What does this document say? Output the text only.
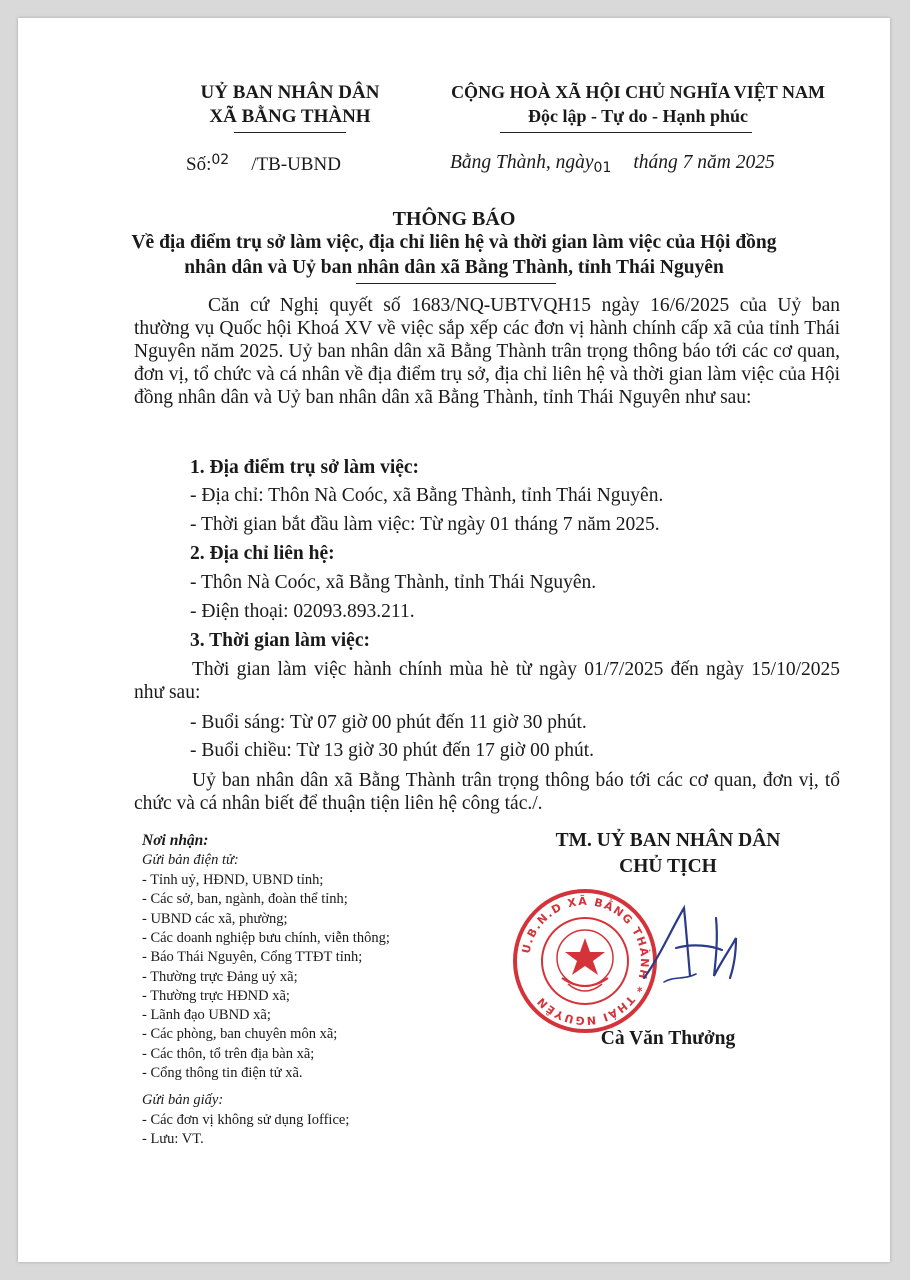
UỶ BAN NHÂN DÂN
XÃ BẰNG THÀNH
CỘNG HOÀ XÃ HỘI CHỦ NGHĨA VIỆT NAM
Độc lập - Tự do - Hạnh phúc
Số:$^{02}$ /TB-UBND	Bằng Thành, ngày$_{01}$ tháng 7 năm 2025
THÔNG BÁO
Về địa điểm trụ sở làm việc, địa chỉ liên hệ và thời gian làm việc của Hội đồng
nhân dân và Uỷ ban nhân dân xã Bằng Thành, tỉnh Thái Nguyên
Căn cứ Nghị quyết số 1683/NQ-UBTVQH15 ngày 16/6/2025 của Uỷ ban thường vụ Quốc hội Khoá XV về việc sắp xếp các đơn vị hành chính cấp xã của tỉnh Thái Nguyên năm 2025. Uỷ ban nhân dân xã Bằng Thành trân trọng thông báo tới các cơ quan, đơn vị, tổ chức và cá nhân về địa điểm trụ sở, địa chỉ liên hệ và thời gian làm việc của Hội đồng nhân dân và Uỷ ban nhân dân xã Bằng Thành, tỉnh Thái Nguyên như sau:
1. Địa điểm trụ sở làm việc:
- Địa chỉ: Thôn Nà Coóc, xã Bằng Thành, tỉnh Thái Nguyên.
- Thời gian bắt đầu làm việc: Từ ngày 01 tháng 7 năm 2025.
2. Địa chỉ liên hệ:
- Thôn Nà Coóc, xã Bằng Thành, tỉnh Thái Nguyên.
- Điện thoại: 02093.893.211.
3. Thời gian làm việc:
Thời gian làm việc hành chính mùa hè từ ngày 01/7/2025 đến ngày 15/10/2025 như sau:
- Buổi sáng: Từ 07 giờ 00 phút đến 11 giờ 30 phút.
- Buổi chiều: Từ 13 giờ 30 phút đến 17 giờ 00 phút.
Uỷ ban nhân dân xã Bằng Thành trân trọng thông báo tới các cơ quan, đơn vị, tổ chức và cá nhân biết để thuận tiện liên hệ công tác./.
Nơi nhận:
Gửi bản điện tử:
- Tỉnh uỷ, HĐND, UBND tỉnh;
- Các sở, ban, ngành, đoàn thể tỉnh;
- UBND các xã, phường;
- Các doanh nghiệp bưu chính, viễn thông;
- Báo Thái Nguyên, Cổng TTĐT tỉnh;
- Thường trực Đảng uỷ xã;
- Thường trực HĐND xã;
- Lãnh đạo UBND xã;
- Các phòng, ban chuyên môn xã;
- Các thôn, tổ trên địa bàn xã;
- Cổng thông tin điện tử xã.
Gửi bản giấy:
- Các đơn vị không sử dụng Ioffice;
- Lưu: VT.
TM. UỶ BAN NHÂN DÂN
CHỦ TỊCH
U.B.N.D XÃ BẰNG THÀNH * THÁI NGUYÊN
Cà Văn Thưởng
